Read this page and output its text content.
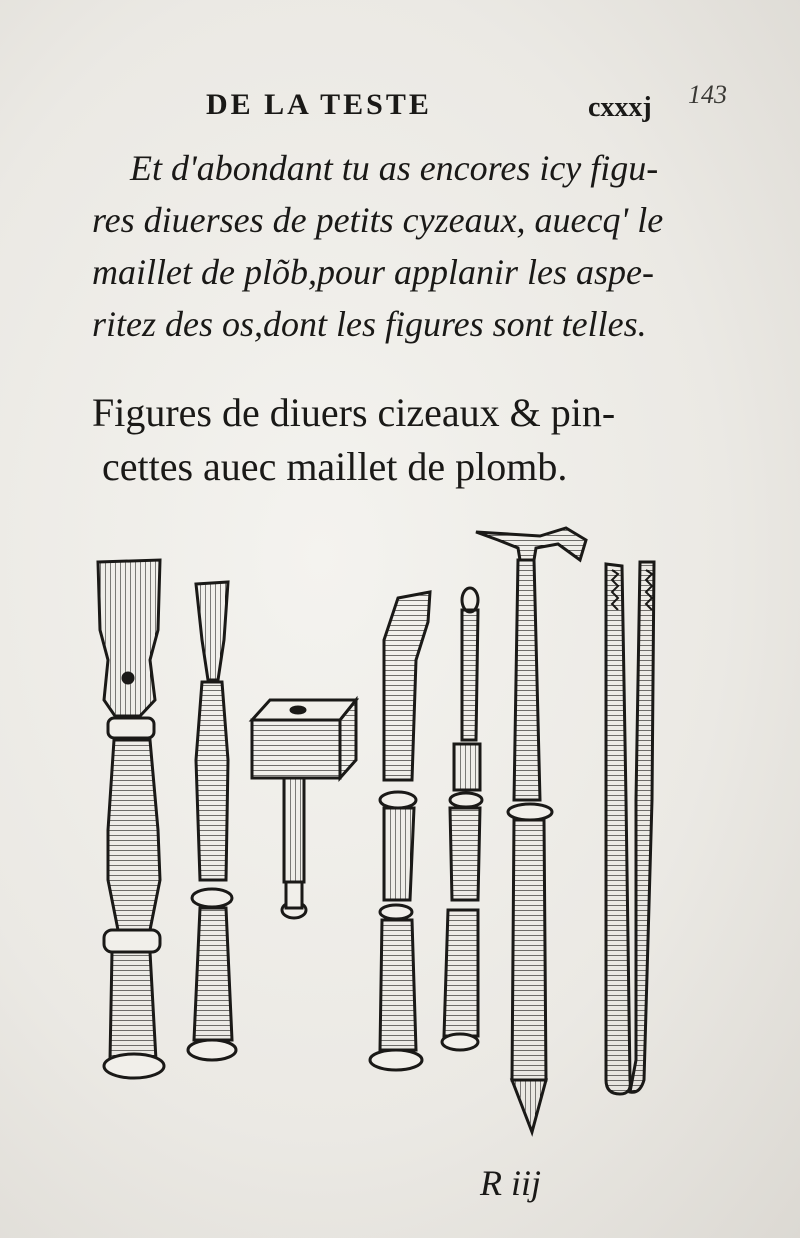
DE LA TESTE	cxxxj 143
Et d'abondant tu as encores icy figu-
res diuerses de petits cyzeaux, auecq' le
maillet de plõb,pour applanir les aspe-
ritez des os,dont les figures sont telles.
Figures de diuers cizeaux & pin-
cettes auec maillet de plomb.
R iij
